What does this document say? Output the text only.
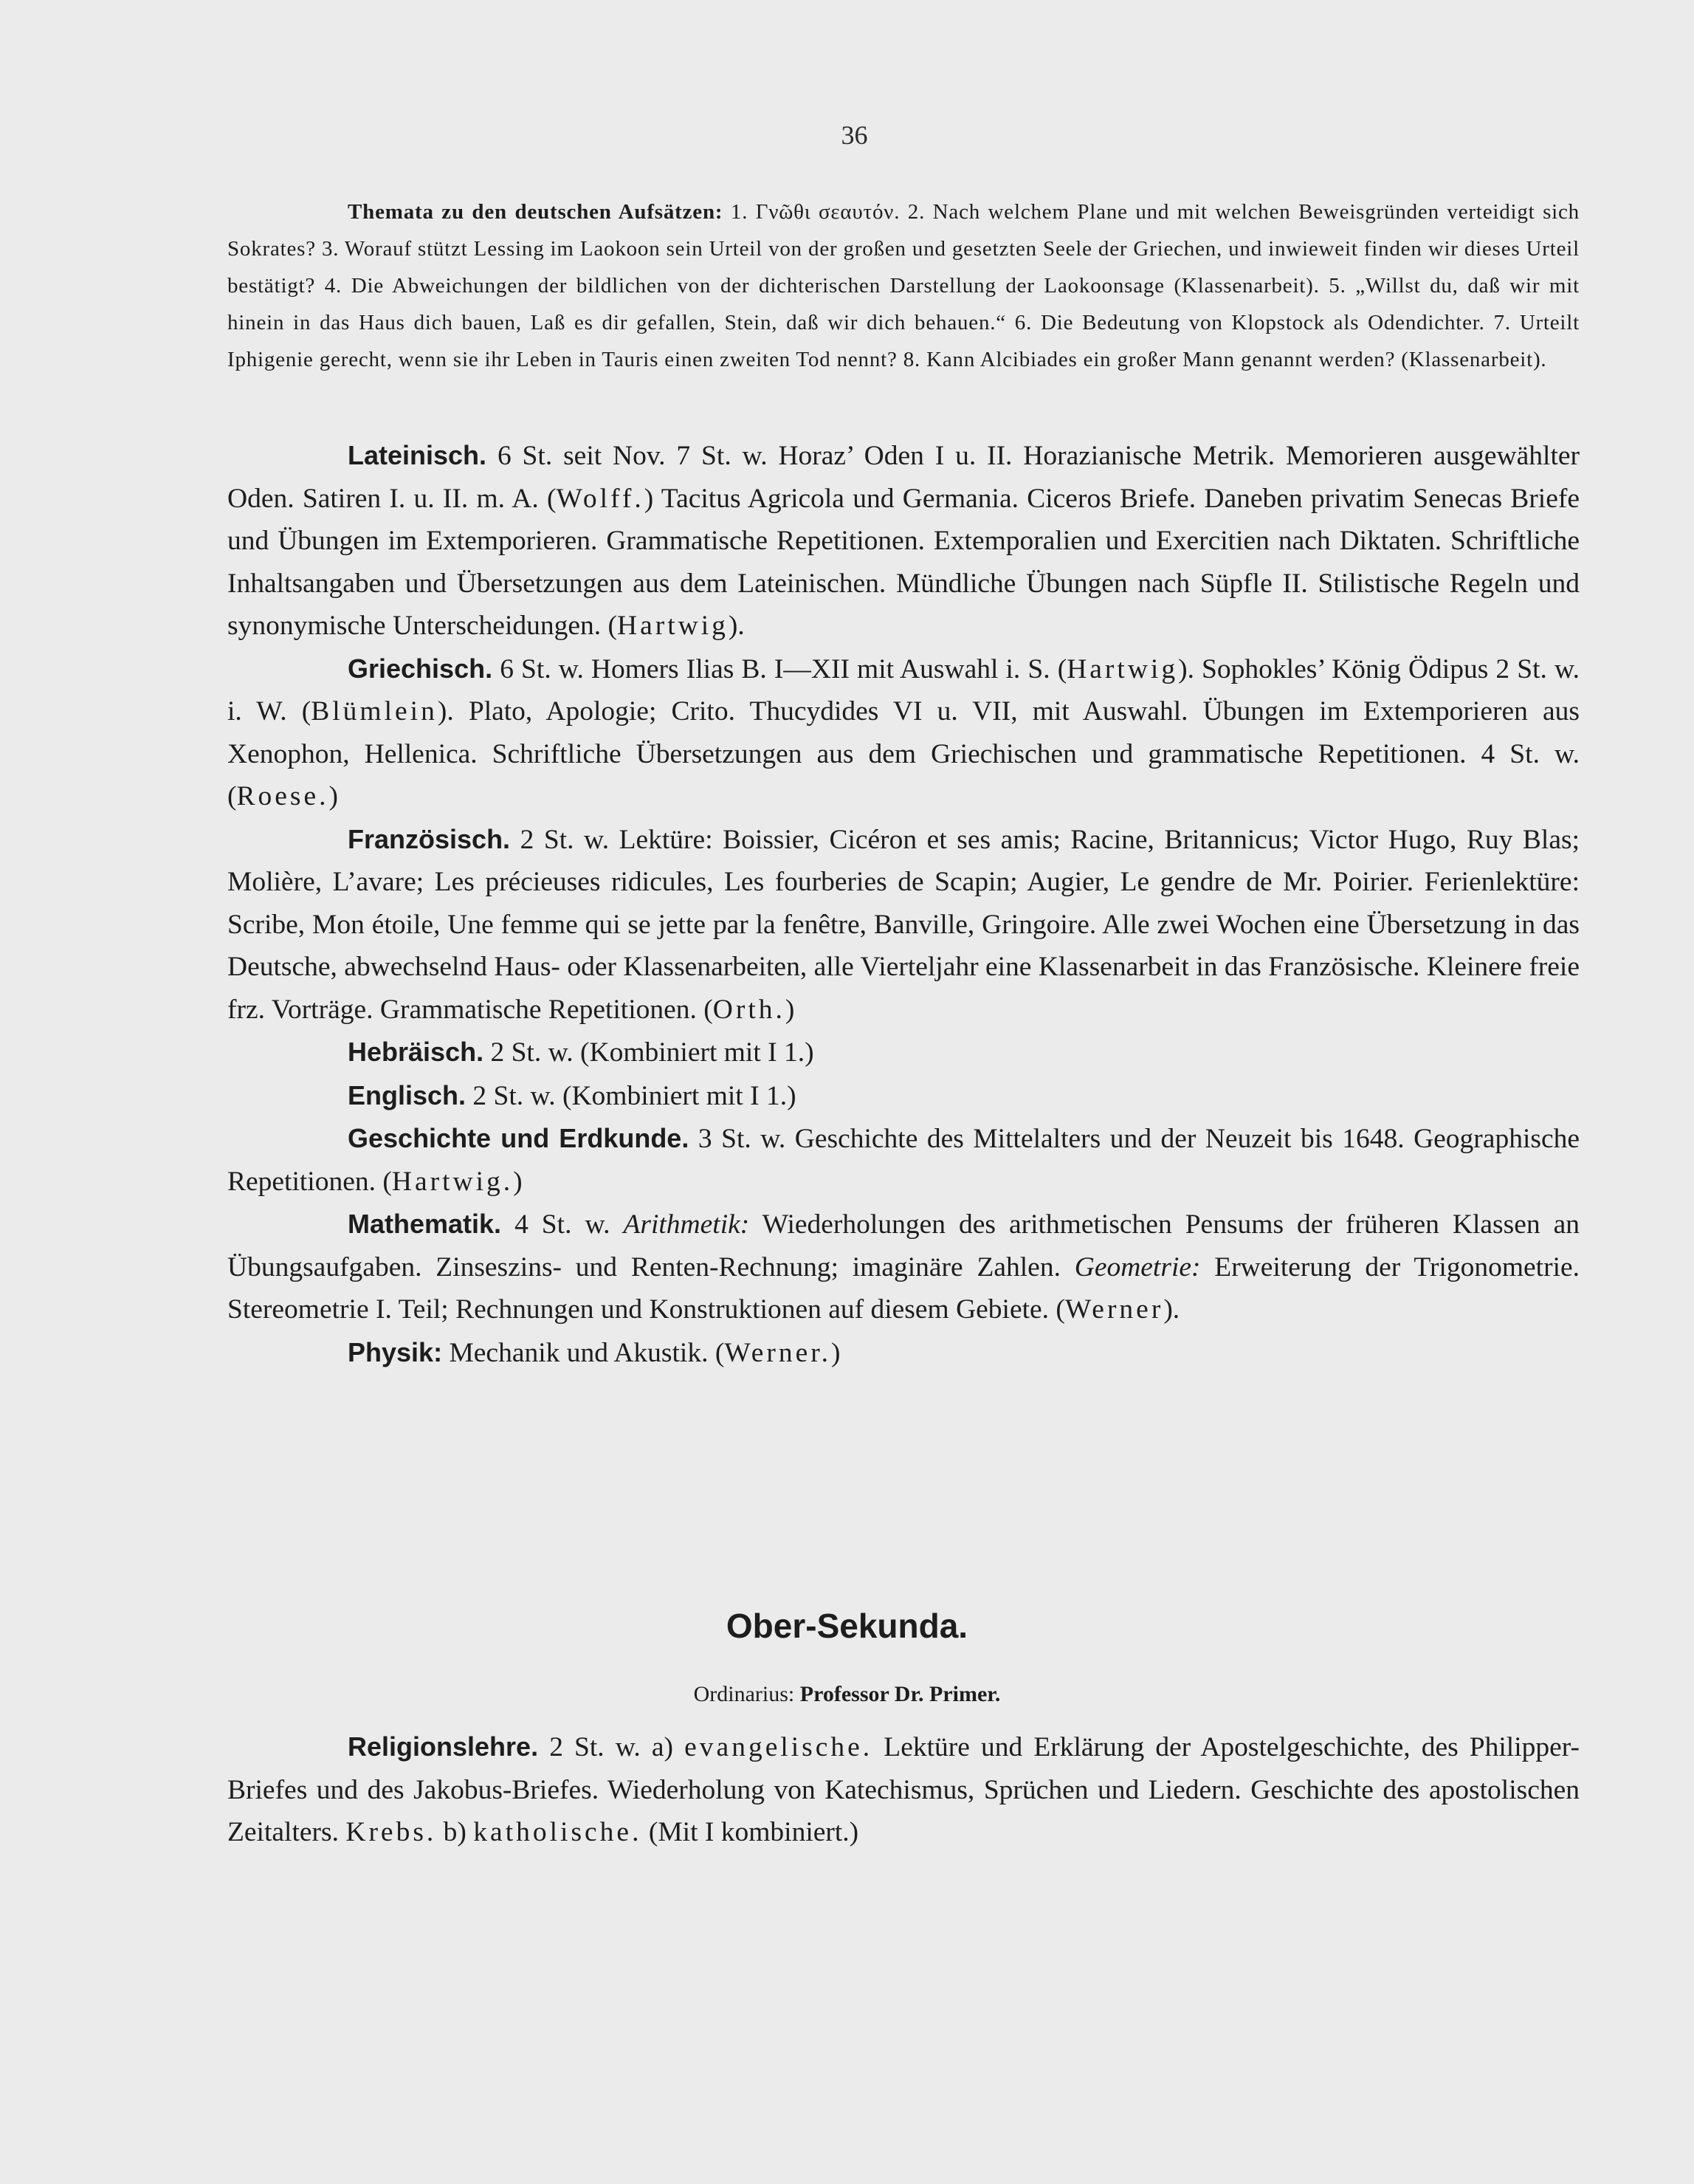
36

Themata zu den deutschen Aufsätzen: 1. Γνῶθι σεαυτόν. 2. Nach welchem Plane und mit welchen Beweisgründen verteidigt sich Sokrates? 3. Worauf stützt Lessing im Laokoon sein Urteil von der großen und gesetzten Seele der Griechen, und inwieweit finden wir dieses Urteil bestätigt? 4. Die Abweichungen der bildlichen von der dichterischen Darstellung der Laokoonsage (Klassenarbeit). 5. „Willst du, daß wir mit hinein in das Haus dich bauen, Laß es dir gefallen, Stein, daß wir dich behauen.“ 6. Die Bedeutung von Klopstock als Odendichter. 7. Urteilt Iphigenie gerecht, wenn sie ihr Leben in Tauris einen zweiten Tod nennt? 8. Kann Alcibiades ein großer Mann genannt werden? (Klassenarbeit).

Lateinisch. 6 St. seit Nov. 7 St. w. Horaz’ Oden I u. II. Horazianische Metrik. Memorieren ausgewählter Oden. Satiren I. u. II. m. A. (Wolff.) Tacitus Agricola und Germania. Ciceros Briefe. Daneben privatim Senecas Briefe und Übungen im Extemporieren. Grammatische Repetitionen. Extemporalien und Exercitien nach Diktaten. Schriftliche Inhaltsangaben und Übersetzungen aus dem Lateinischen. Mündliche Übungen nach Süpfle II. Stilistische Regeln und synonymische Unterscheidungen. (Hartwig).

Griechisch. 6 St. w. Homers Ilias B. I—XII mit Auswahl i. S. (Hartwig). Sophokles’ König Ödipus 2 St. w. i. W. (Blümlein). Plato, Apologie; Crito. Thucydides VI u. VII, mit Auswahl. Übungen im Extemporieren aus Xenophon, Hellenica. Schriftliche Übersetzungen aus dem Griechischen und grammatische Repetitionen. 4 St. w. (Roese.)

Französisch. 2 St. w. Lektüre: Boissier, Cicéron et ses amis; Racine, Britannicus; Victor Hugo, Ruy Blas; Molière, L’avare; Les précieuses ridicules, Les fourberies de Scapin; Augier, Le gendre de Mr. Poirier. Ferienlektüre: Scribe, Mon étoile, Une femme qui se jette par la fenêtre, Banville, Gringoire. Alle zwei Wochen eine Übersetzung in das Deutsche, abwechselnd Haus- oder Klassenarbeiten, alle Vierteljahr eine Klassenarbeit in das Französische. Kleinere freie frz. Vorträge. Grammatische Repetitionen. (Orth.)

Hebräisch. 2 St. w. (Kombiniert mit I 1.)

Englisch. 2 St. w. (Kombiniert mit I 1.)

Geschichte und Erdkunde. 3 St. w. Geschichte des Mittelalters und der Neuzeit bis 1648. Geographische Repetitionen. (Hartwig.)

Mathematik. 4 St. w. Arithmetik: Wiederholungen des arithmetischen Pensums der früheren Klassen an Übungsaufgaben. Zinseszins- und Renten-Rechnung; imaginäre Zahlen. Geometrie: Erweiterung der Trigonometrie. Stereometrie I. Teil; Rechnungen und Konstruktionen auf diesem Gebiete. (Werner).

Physik: Mechanik und Akustik. (Werner.)

Ober-Sekunda.
Ordinarius: Professor Dr. Primer.

Religionslehre. 2 St. w. a) evangelische. Lektüre und Erklärung der Apostelgeschichte, des Philipper-Briefes und des Jakobus-Briefes. Wiederholung von Katechismus, Sprüchen und Liedern. Geschichte des apostolischen Zeitalters. Krebs. b) katholische. (Mit I kombiniert.)
